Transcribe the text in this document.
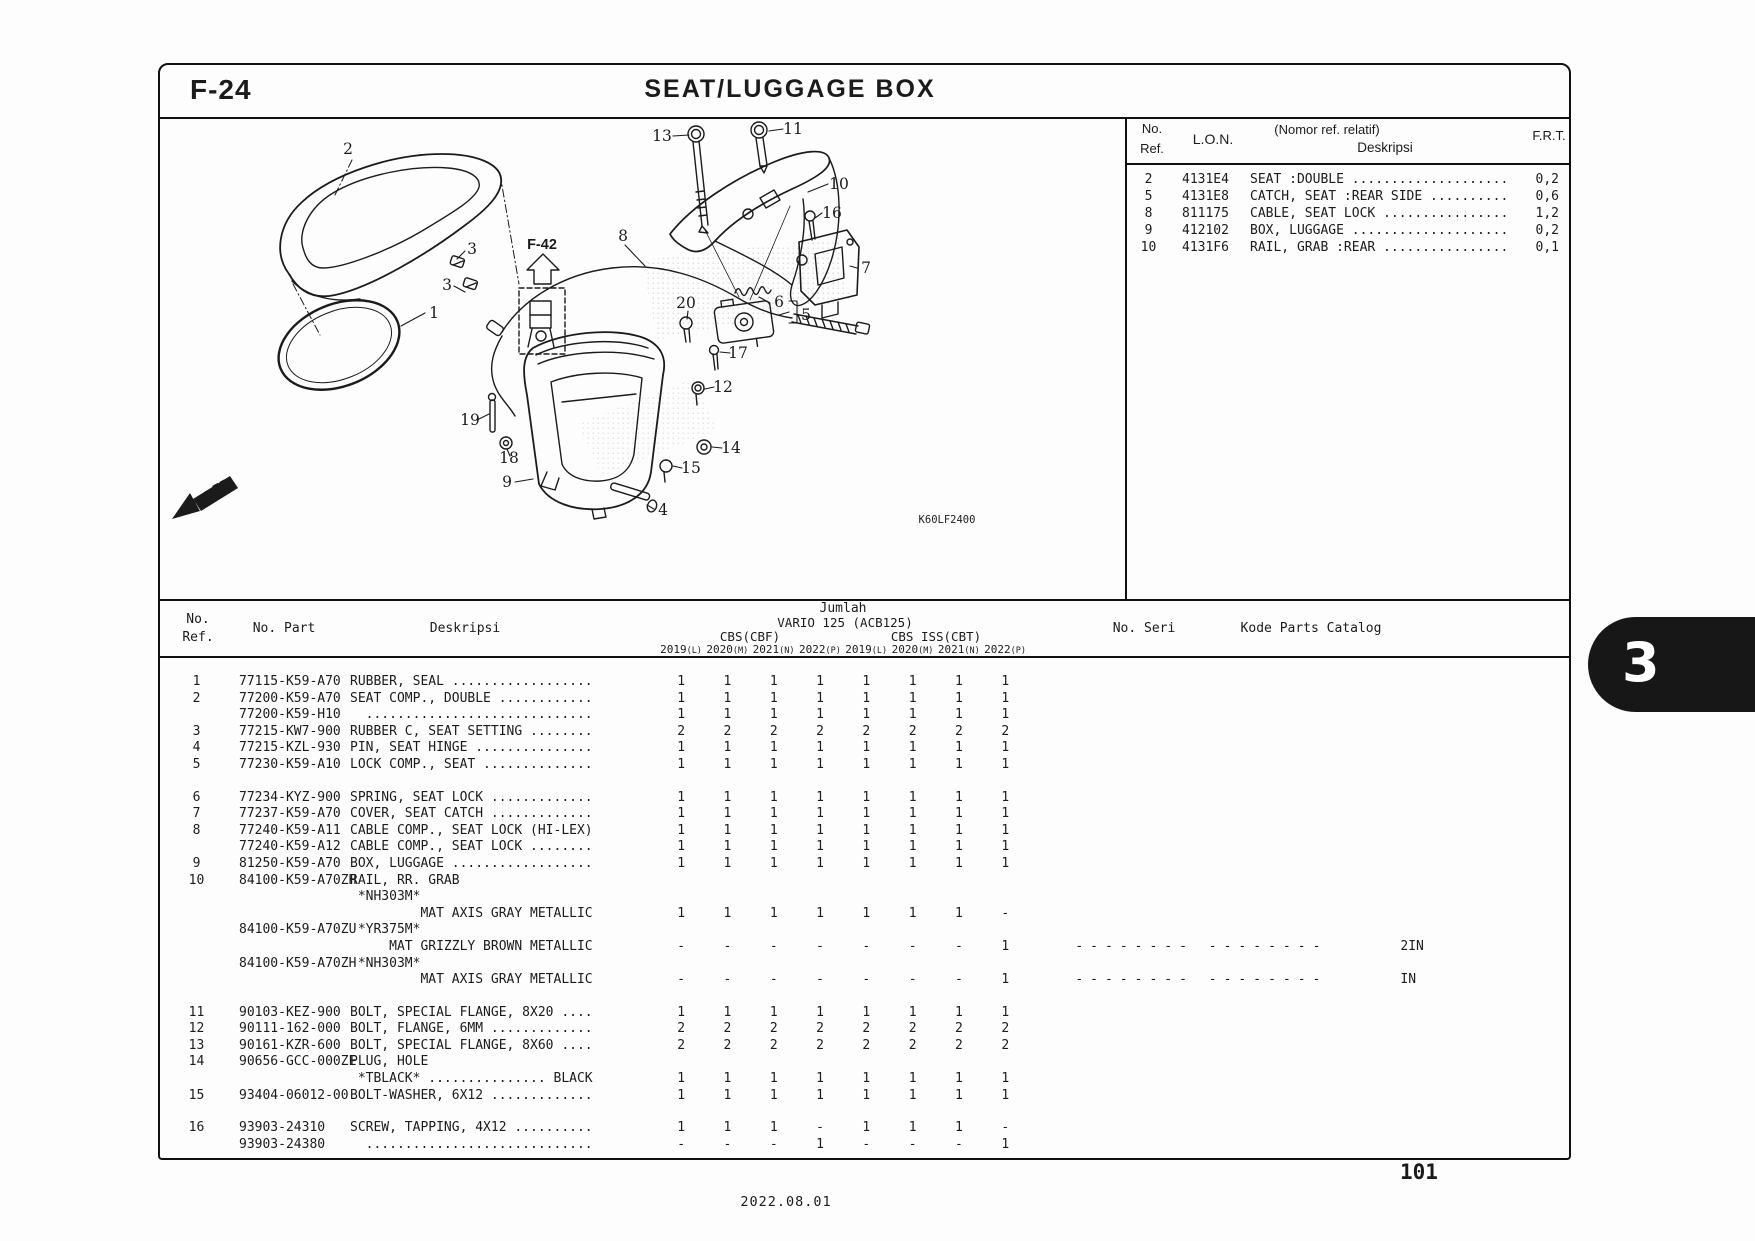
F-24	SEAT/LUGGAGE BOX
F-42
FR.
K60LF2400
2
3
3
1
13	11
10
16
7
8
20	6
5
17
12
19
18
9
14
15
4
No.
Ref.
L.O.N.
(Nomor ref. relatif)
Deskripsi
F.R.T.
2	4131E4	SEAT :DOUBLE ....................	0,2
5	4131E8	CATCH, SEAT :REAR SIDE ..........	0,6
8	811175	CABLE, SEAT LOCK ................	1,2
9	412102	BOX, LUGGAGE ....................	0,2
10	4131F6	RAIL, GRAB :REAR ................	0,1
No.
Ref.
No. Part	Deskripsi
Jumlah
VARIO 125 (ACB125)
CBS(CBF)	CBS ISS(CBT)
No. Seri	Kode Parts Catalog
2019(L) 2020(M) 2021(N) 2022(P) 2019(L) 2020(M) 2021(N) 2022(P)
1	77115-K59-A70 RUBBER, SEAL ..................	1	1	1	1	1	1	1	1
2	77200-K59-A70 SEAT COMP., DOUBLE ............	1	1	1	1	1	1	1	1
77200-K59-H10 .............................	1	1	1	1	1	1	1	1
3	77215-KW7-900 RUBBER C, SEAT SETTING ........	2	2	2	2	2	2	2	2
4	77215-KZL-930 PIN, SEAT HINGE ...............	1	1	1	1	1	1	1	1
5	77230-K59-A10 LOCK COMP., SEAT ..............	1	1	1	1	1	1	1	1
6	77234-KYZ-900 SPRING, SEAT LOCK .............	1	1	1	1	1	1	1	1
7	77237-K59-A70 COVER, SEAT CATCH .............	1	1	1	1	1	1	1	1
8	77240-K59-A11 CABLE COMP., SEAT LOCK (HI-LEX)	1	1	1	1	1	1	1	1
77240-K59-A12 CABLE COMP., SEAT LOCK ........	1	1	1	1	1	1	1	1
9	81250-K59-A70 BOX, LUGGAGE ..................	1	1	1	1	1	1	1	1
10	84100-K59-A70ZH
RAIL, RR. GRAB
*NH303M*
MAT AXIS GRAY METALLIC	1	1	1	1	1	1	1	-
84100-K59-A70ZU
*YR375M*
MAT GRIZZLY BROWN METALLIC	-	-	-	-	-	-	-	1	-------- --------	2IN
84100-K59-A70ZH
*NH303M*
MAT AXIS GRAY METALLIC	-	-	-	-	-	-	-	1	-------- --------	IN
11	90103-KEZ-900 BOLT, SPECIAL FLANGE, 8X20 ....	1	1	1	1	1	1	1	1
12	90111-162-000 BOLT, FLANGE, 6MM .............	2	2	2	2	2	2	2	2
13	90161-KZR-600 BOLT, SPECIAL FLANGE, 8X60 ....	2	2	2	2	2	2	2	2
14	90656-GCC-000ZE
PLUG, HOLE
*TBLACK* ............... BLACK	1	1	1	1	1	1	1	1
15	93404-06012-00 BOLT-WASHER, 6X12 .............	1	1	1	1	1	1	1	1
16	93903-24310	SCREW, TAPPING, 4X12 ..........	1	1	1	-	1	1	1	-
93903-24380	.............................	-	-	-	1	-	-	-	1
101
2022.08.01
3
